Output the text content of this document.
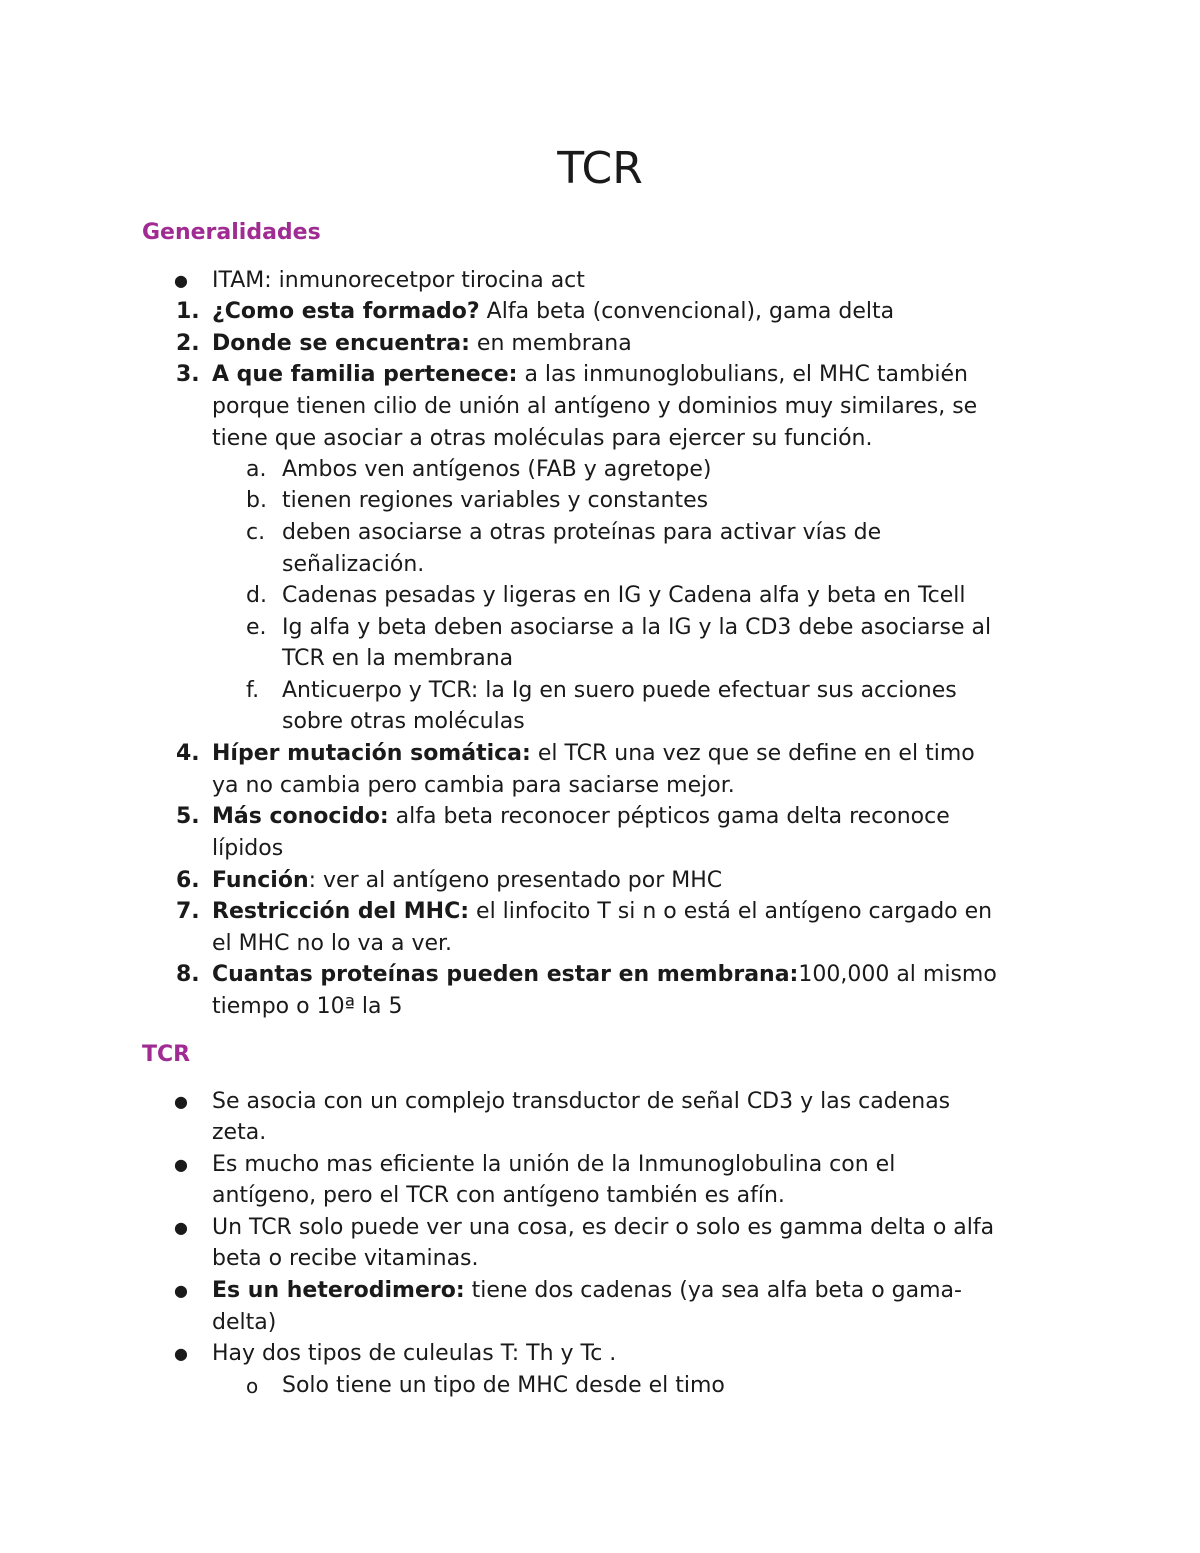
TCR
Generalidades
● ITAM: inmunorecetpor tirocina act
1. ¿Como esta formado? Alfa beta (convencional), gama delta
2. Donde se encuentra: en membrana
3. A que familia pertenece: a las inmunoglobulians, el MHC también
porque tienen cilio de unión al antígeno y dominios muy similares, se
tiene que asociar a otras moléculas para ejercer su función.
a. Ambos ven antígenos (FAB y agretope)
b. tienen regiones variables y constantes
c. deben asociarse a otras proteínas para activar vías de
señalización.
d. Cadenas pesadas y ligeras en IG y Cadena alfa y beta en Tcell
e. Ig alfa y beta deben asociarse a la IG y la CD3 debe asociarse al
TCR en la membrana
f. Anticuerpo y TCR: la Ig en suero puede efectuar sus acciones
sobre otras moléculas
4. Híper mutación somática: el TCR una vez que se define en el timo
ya no cambia pero cambia para saciarse mejor.
5. Más conocido: alfa beta reconocer pépticos gama delta reconoce
lípidos
6. Función: ver al antígeno presentado por MHC
7. Restricción del MHC: el linfocito T si n o está el antígeno cargado en
el MHC no lo va a ver.
8. Cuantas proteínas pueden estar en membrana:100,000 al mismo
tiempo o 10ª la 5
TCR
● Se asocia con un complejo transductor de señal CD3 y las cadenas
zeta.
● Es mucho mas eficiente la unión de la Inmunoglobulina con el
antígeno, pero el TCR con antígeno también es afín.
● Un TCR solo puede ver una cosa, es decir o solo es gamma delta o alfa
beta o recibe vitaminas.
● Es un heterodimero: tiene dos cadenas (ya sea alfa beta o gama-
delta)
● Hay dos tipos de culeulas T: Th y Tc .
o Solo tiene un tipo de MHC desde el timo
